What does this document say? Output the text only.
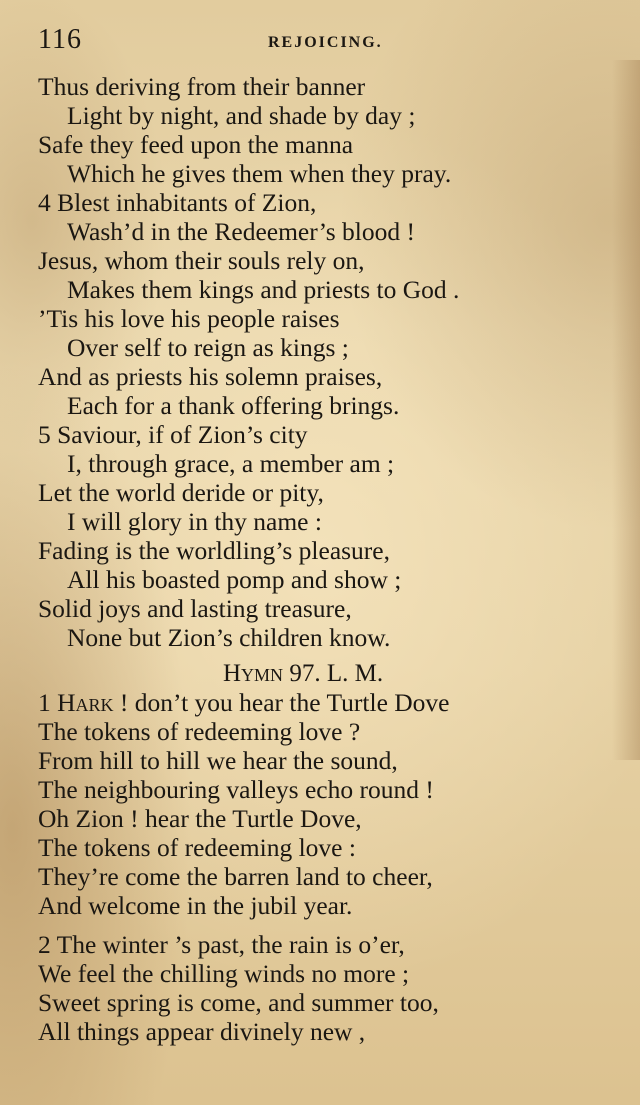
116	REJOICING.
Thus deriving from their banner
Light by night, and shade by day ;
Safe they feed upon the manna
Which he gives them when they pray.
4 Blest inhabitants of Zion,
Wash’d in the Redeemer’s blood !
Jesus, whom their souls rely on,
Makes them kings and priests to God .
’Tis his love his people raises
Over self to reign as kings ;
And as priests his solemn praises,
Each for a thank offering brings.
5 Saviour, if of Zion’s city
I, through grace, a member am ;
Let the world deride or pity,
I will glory in thy name :
Fading is the worldling’s pleasure,
All his boasted pomp and show ;
Solid joys and lasting treasure,
None but Zion’s children know.
Hymn 97. L. M.
1 Hark ! don’t you hear the Turtle Dove
The tokens of redeeming love ?
From hill to hill we hear the sound,
The neighbouring valleys echo round !
Oh Zion ! hear the Turtle Dove,
The tokens of redeeming love :
They’re come the barren land to cheer,
And welcome in the jubil year.
2 The winter ’s past, the rain is o’er,
We feel the chilling winds no more ;
Sweet spring is come, and summer too,
All things appear divinely new ,
